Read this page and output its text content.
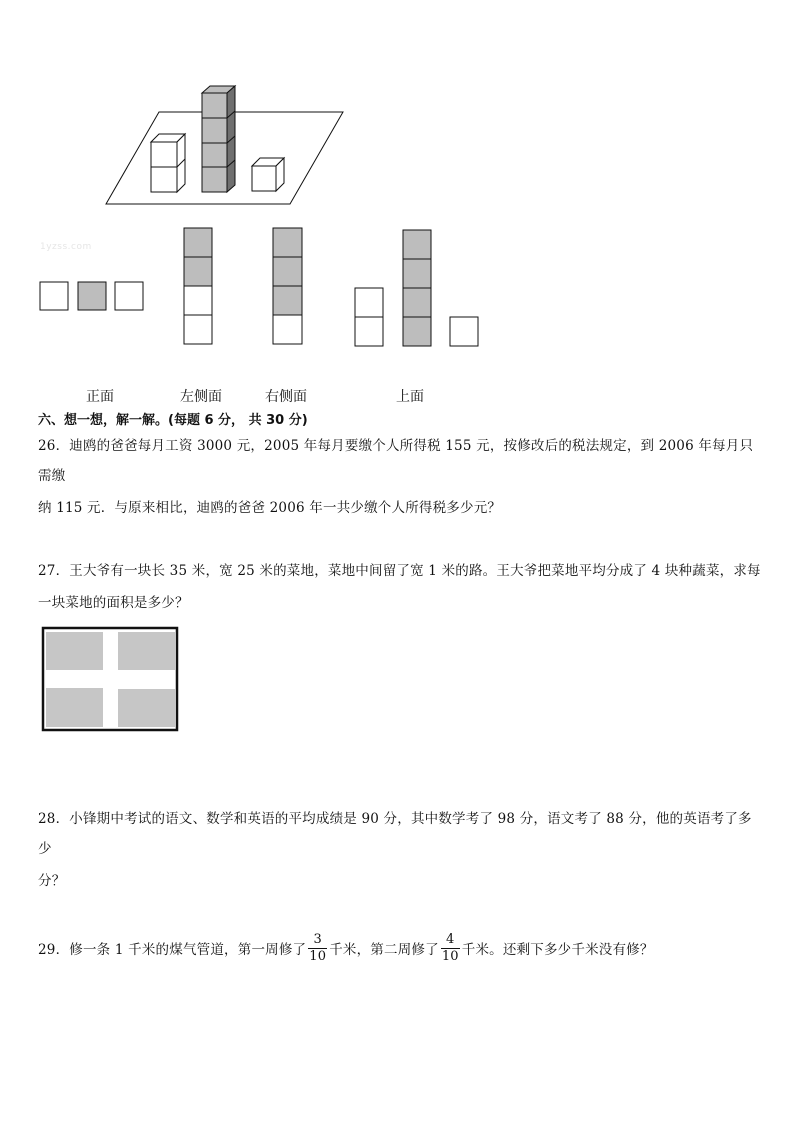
1yzss.com
正面	左侧面	右侧面	上面
六、想一想，解一解。(每题 6 分， 共 30 分)
26．迪鸥的爸爸每月工资 3000 元，2005 年每月要缴个人所得税 155 元，按修改后的税法规定，到 2006 年每月只需缴
纳 115 元．与原来相比，迪鸥的爸爸 2006 年一共少缴个人所得税多少元？
27．王大爷有一块长 35 米，宽 25 米的菜地，菜地中间留了宽 1 米的路。王大爷把菜地平均分成了 4 块种蔬菜，求每
一块菜地的面积是多少？
28．小锋期中考试的语文、数学和英语的平均成绩是 90 分，其中数学考了 98 分，语文考了 88 分，他的英语考了多少
分？
29．修一条 1 千米的煤气管道，第一周修了 $\frac{3}{10}$ 千米，第二周修了 $\frac{4}{10}$ 千米。还剩下多少千米没有修？
